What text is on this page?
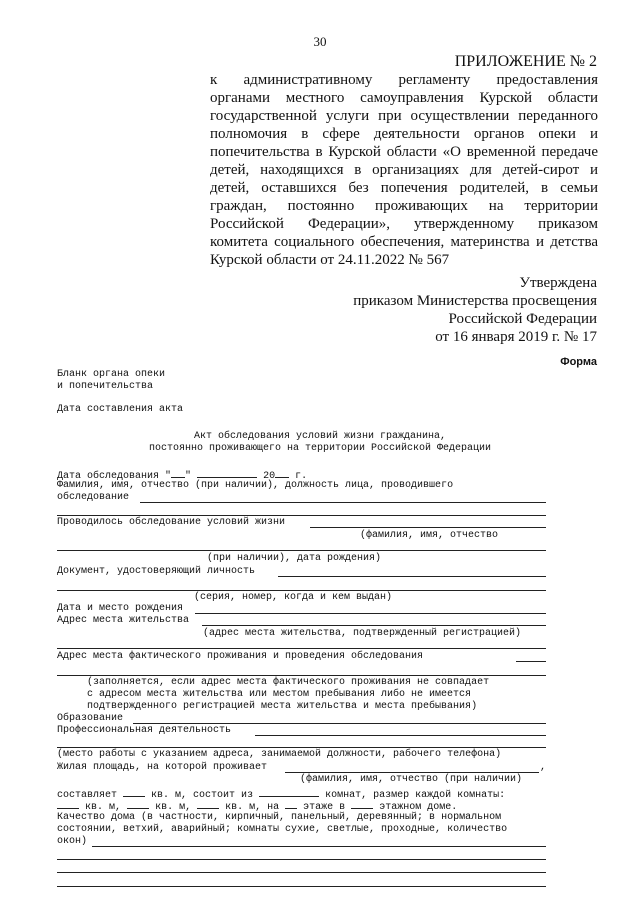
30
ПРИЛОЖЕНИЕ № 2
к административному регламенту предоставления
органами местного самоуправления Курской области
государственной услуги при осуществлении переданного
полномочия в сфере деятельности органов опеки и
попечительства в Курской области «О временной передаче
детей, находящихся в организациях для детей-сирот и
детей, оставшихся без попечения родителей, в семьи
граждан, постоянно проживающих на территории
Российской Федерации», утвержденному приказом
комитета социального обеспечения, материнства и детства
Курской области от 24.11.2022 № 567
Утверждена
приказом Министерства просвещения
Российской Федерации
от 16 января 2019 г. № 17
Форма
Бланк органа опеки
и попечительства
Дата составления акта
Акт обследования условий жизни гражданина,
постоянно проживающего на территории Российской Федерации
Дата обследования " "	20 г.
Фамилия, имя, отчество (при наличии), должность лица, проводившего
обследование
Проводилось обследование условий жизни
(фамилия, имя, отчество
(при наличии), дата рождения)
Документ, удостоверяющий личность
(серия, номер, когда и кем выдан)
Дата и место рождения
Адрес места жительства
(адрес места жительства, подтвержденный регистрацией)
Адрес места фактического проживания и проведения обследования
(заполняется, если адрес места фактического проживания не совпадает
с адресом места жительства или местом пребывания либо не имеется
подтвержденного регистрацией места жительства и места пребывания)
Образование
Профессиональная деятельность
(место работы с указанием адреса, занимаемой должности, рабочего телефона)
Жилая площадь, на которой проживает	,
(фамилия, имя, отчество (при наличии)
составляет	кв. м, состоит из	комнат, размер каждой комнаты:
кв. м,	кв. м,	кв. м, на этаже в	этажном доме.
Качество дома (в частности, кирпичный, панельный, деревянный; в нормальном
состоянии, ветхий, аварийный; комнаты сухие, светлые, проходные, количество
окон)
